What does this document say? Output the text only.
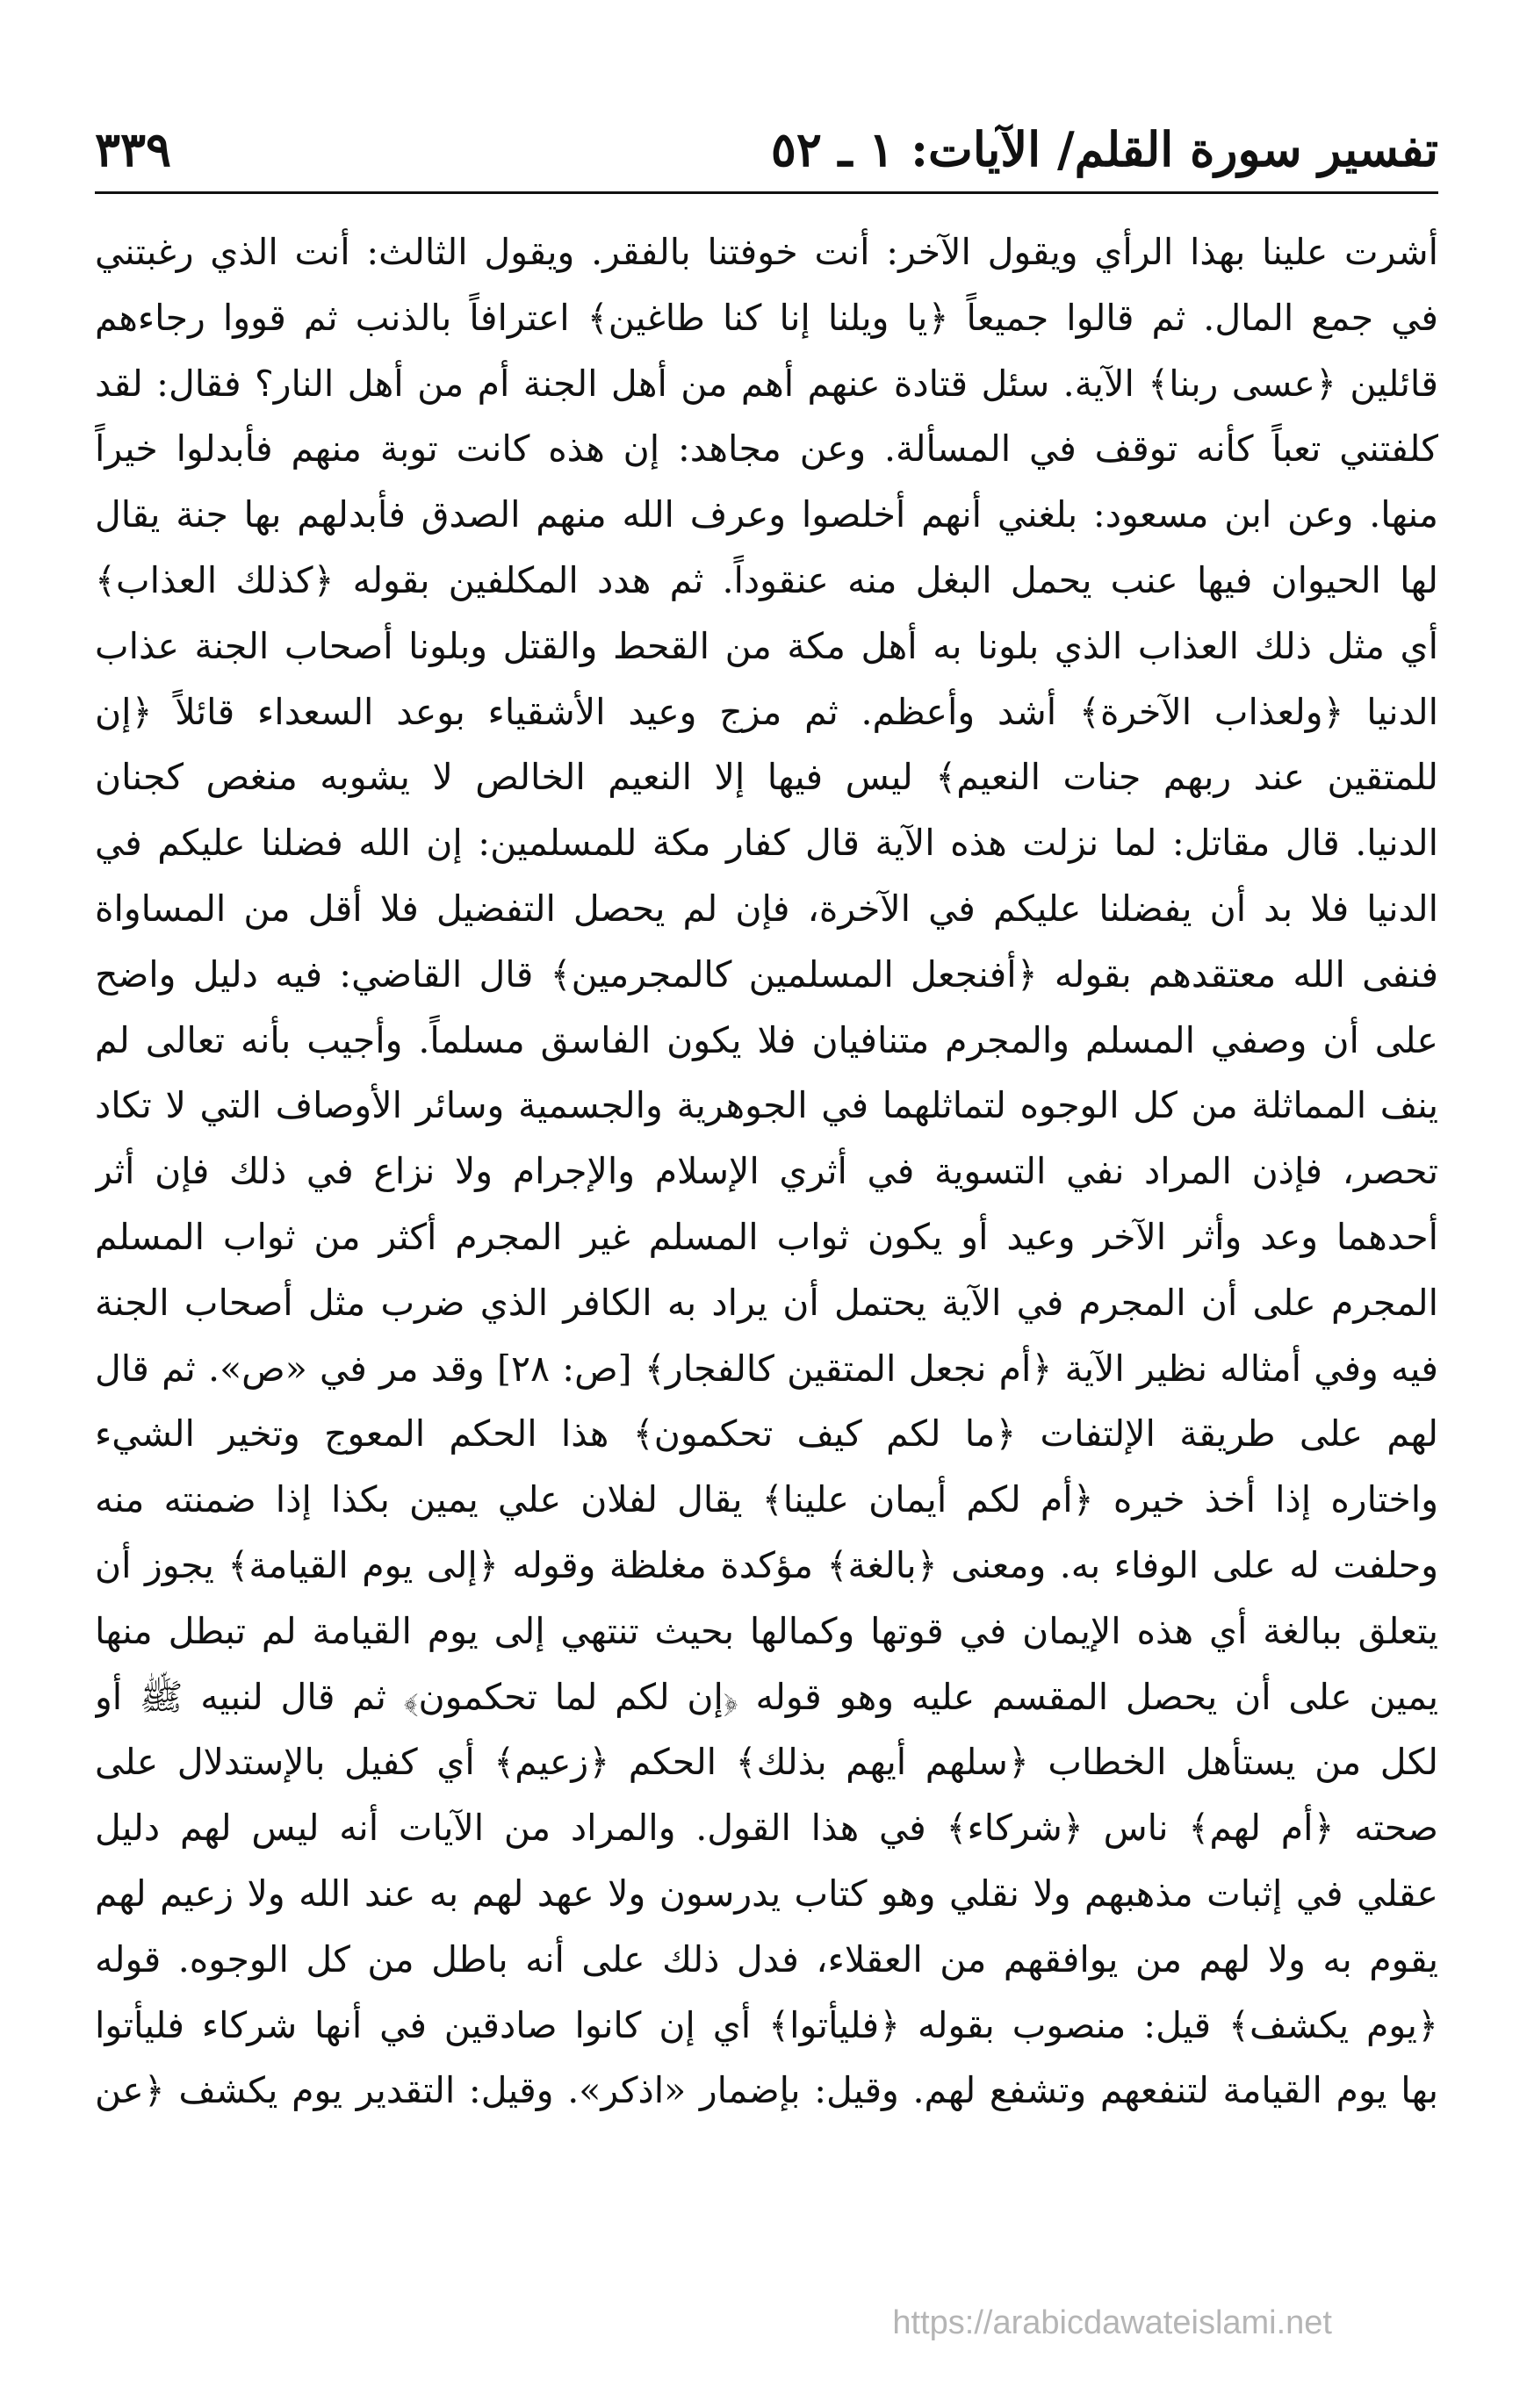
تفسير سورة القلم/ الآيات: ١ ـ ٥٢
٣٣٩
أشرت علينا بهذا الرأي ويقول الآخر: أنت خوفتنا بالفقر. ويقول الثالث: أنت الذي رغبتني
في جمع المال. ثم قالوا جميعاً ﴿يا ويلنا إنا كنا طاغين﴾ اعترافاً بالذنب ثم قووا رجاءهم
قائلين ﴿عسى ربنا﴾ الآية. سئل قتادة عنهم أهم من أهل الجنة أم من أهل النار؟ فقال: لقد
كلفتني تعباً كأنه توقف في المسألة. وعن مجاهد: إن هذه كانت توبة منهم فأبدلوا خيراً
منها. وعن ابن مسعود: بلغني أنهم أخلصوا وعرف الله منهم الصدق فأبدلهم بها جنة يقال
لها الحيوان فيها عنب يحمل البغل منه عنقوداً. ثم هدد المكلفين بقوله ﴿كذلك العذاب﴾
أي مثل ذلك العذاب الذي بلونا به أهل مكة من القحط والقتل وبلونا أصحاب الجنة عذاب
الدنيا ﴿ولعذاب الآخرة﴾ أشد وأعظم. ثم مزج وعيد الأشقياء بوعد السعداء قائلاً ﴿إن
للمتقين عند ربهم جنات النعيم﴾ ليس فيها إلا النعيم الخالص لا يشوبه منغص كجنان
الدنيا. قال مقاتل: لما نزلت هذه الآية قال كفار مكة للمسلمين: إن الله فضلنا عليكم في
الدنيا فلا بد أن يفضلنا عليكم في الآخرة، فإن لم يحصل التفضيل فلا أقل من المساواة
فنفى الله معتقدهم بقوله ﴿أفنجعل المسلمين كالمجرمين﴾ قال القاضي: فيه دليل واضح
على أن وصفي المسلم والمجرم متنافيان فلا يكون الفاسق مسلماً. وأجيب بأنه تعالى لم
ينف المماثلة من كل الوجوه لتماثلهما في الجوهرية والجسمية وسائر الأوصاف التي لا تكاد
تحصر، فإذن المراد نفي التسوية في أثري الإسلام والإجرام ولا نزاع في ذلك فإن أثر
أحدهما وعد وأثر الآخر وعيد أو يكون ثواب المسلم غير المجرم أكثر من ثواب المسلم
المجرم على أن المجرم في الآية يحتمل أن يراد به الكافر الذي ضرب مثل أصحاب الجنة
فيه وفي أمثاله نظير الآية ﴿أم نجعل المتقين كالفجار﴾ [ص: ٢٨] وقد مر في «ص». ثم قال
لهم على طريقة الإلتفات ﴿ما لكم كيف تحكمون﴾ هذا الحكم المعوج وتخير الشيء
واختاره إذا أخذ خيره ﴿أم لكم أيمان علينا﴾ يقال لفلان علي يمين بكذا إذا ضمنته منه
وحلفت له على الوفاء به. ومعنى ﴿بالغة﴾ مؤكدة مغلظة وقوله ﴿إلى يوم القيامة﴾ يجوز أن
يتعلق ببالغة أي هذه الإيمان في قوتها وكمالها بحيث تنتهي إلى يوم القيامة لم تبطل منها
يمين على أن يحصل المقسم عليه وهو قوله ﴿إن لكم لما تحكمون﴾ ثم قال لنبيه ﷺ أو
لكل من يستأهل الخطاب ﴿سلهم أيهم بذلك﴾ الحكم ﴿زعيم﴾ أي كفيل بالإستدلال على
صحته ﴿أم لهم﴾ ناس ﴿شركاء﴾ في هذا القول. والمراد من الآيات أنه ليس لهم دليل
عقلي في إثبات مذهبهم ولا نقلي وهو كتاب يدرسون ولا عهد لهم به عند الله ولا زعيم لهم
يقوم به ولا لهم من يوافقهم من العقلاء، فدل ذلك على أنه باطل من كل الوجوه. قوله
﴿يوم يكشف﴾ قيل: منصوب بقوله ﴿فليأتوا﴾ أي إن كانوا صادقين في أنها شركاء فليأتوا
بها يوم القيامة لتنفعهم وتشفع لهم. وقيل: بإضمار «اذكر». وقيل: التقدير يوم يكشف ﴿عن
https://arabicdawateislami.net
